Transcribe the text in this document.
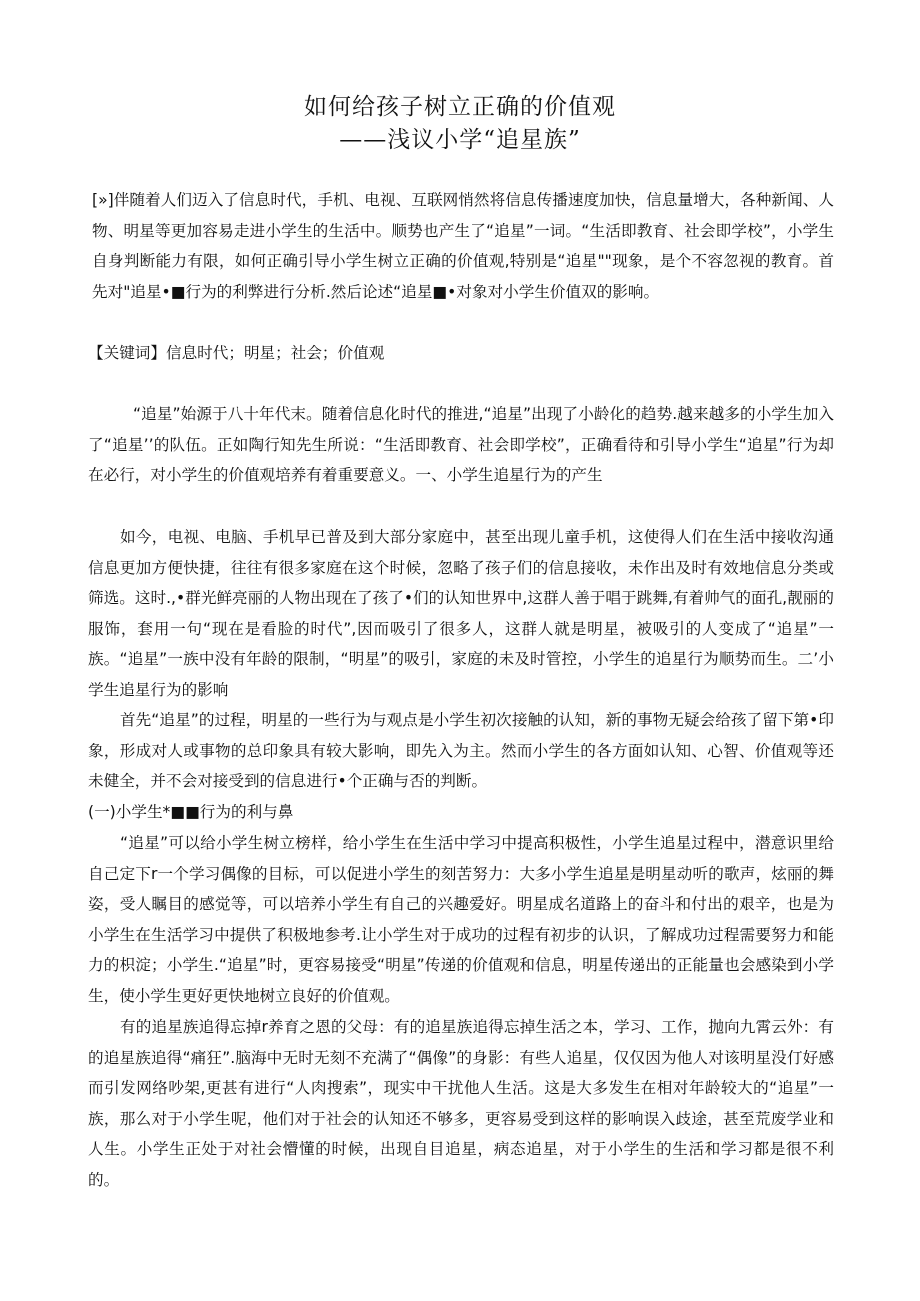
如何给孩子树立正确的价值观
——浅议小学“追星族”

[»]伴随着人们迈入了信息时代，手机、电视、互联网悄然将信息传播速度加快，信息量增大，各种新闻、人物、明星等更加容易走进小学生的生活中。顺势也产生了“追星”一词。“生活即教育、社会即学校”，小学生自身判断能力有限，如何正确引导小学生树立正确的价值观,特别是“追星""现象，是个不容忽视的教育。首先对"追星•■行为的利弊进行分析.然后论述“追星■•对象对小学生价值双的影响。

【关键词】信息时代；明星；社会；价值观

“追星”始源于八十年代末。随着信息化时代的推进,“追星”出现了小龄化的趋势.越来越多的小学生加入了“追星’’的队伍。正如陶行知先生所说：“生活即教育、社会即学校”，正确看待和引导小学生“追星”行为却在必行，对小学生的价值观培养有着重要意义。一、小学生追星行为的产生

如今，电视、电脑、手机早已普及到大部分家庭中，甚至出现儿童手机，这使得人们在生活中接收沟通信息更加方便快捷，往往有很多家庭在这个时候，忽略了孩子们的信息接收，未作出及时有效地信息分类或筛选。这时.,•群光鲜亮丽的人物出现在了孩了•们的认知世界中,这群人善于唱于跳舞,有着帅气的面孔,靓丽的服饰，套用一句“现在是看脸的时代”,因而吸引了很多人，这群人就是明星，被吸引的人变成了“追星”一族。“追星”一族中没有年龄的限制，“明星”的吸引，家庭的未及时管控，小学生的追星行为顺势而生。二’小学生追星行为的影响

首先“追星”的过程，明星的一些行为与观点是小学生初次接触的认知，新的事物无疑会给孩了留下第•印象，形成对人或事物的总印象具有较大影响，即先入为主。然而小学生的各方面如认知、心智、价值观等还未健全，并不会对接受到的信息进行•个正确与否的判断。

(一)小学生*■■行为的利与鼻

“追星”可以给小学生树立榜样，给小学生在生活中学习中提高积极性，小学生追星过程中，潜意识里给自己定下r一个学习偶像的目标，可以促进小学生的刻苦努力：大多小学生追星是明星动听的歌声，炫丽的舞姿，受人瞩目的感觉等，可以培养小学生有自己的兴趣爱好。明星成名道路上的奋斗和付出的艰辛，也是为小学生在生活学习中提供了积极地参考.让小学生对于成功的过程有初步的认识，了解成功过程需要努力和能力的枳淀；小学生.“追星”时，更容易接受“明星”传递的价值观和信息，明星传递出的正能量也会感染到小学生，使小学生更好更快地树立良好的价值观。

有的追星族追得忘掉r养育之恩的父母：有的追星族追得忘掉生活之本，学习、工作，抛向九霄云外：有的追星族追得“痛狂”.脑海中无时无刻不充满了“偶像”的身影：有些人追星，仅仅因为他人对该明星没仃好感而引发网络吵架,更甚有进行“人肉搜索”，现实中干扰他人生活。这是大多发生在相对年龄较大的“追星”一族，那么对于小学生呢，他们对于社会的认知还不够多，更容易受到这样的影响误入歧途，甚至荒废学业和人生。小学生正处于对社会懵懂的时候，出现自目追星，病态追星，对于小学生的生活和学习都是很不利的。
